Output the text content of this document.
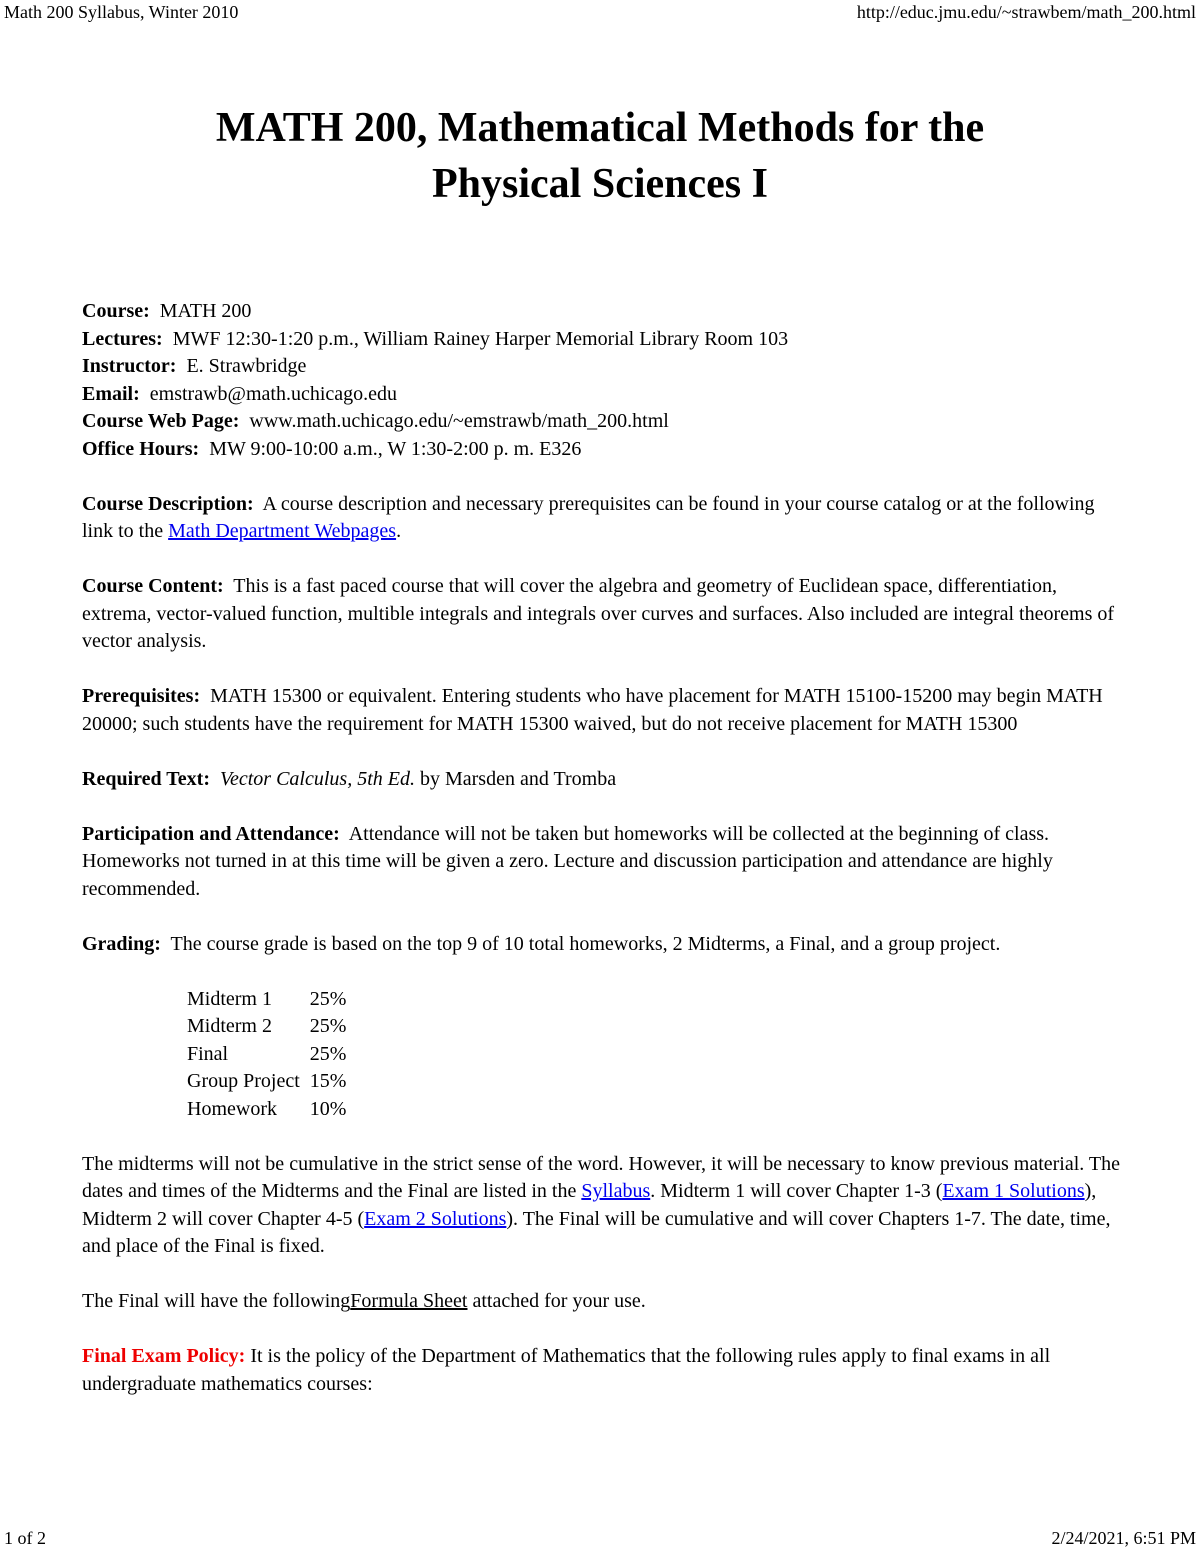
Math 200 Syllabus, Winter 2010	http://educ.jmu.edu/~strawbem/math_200.html
MATH 200, Mathematical Methods for the
Physical Sciences I
Course: MATH 200
Lectures: MWF 12:30-1:20 p.m., William Rainey Harper Memorial Library Room 103
Instructor: E. Strawbridge
Email: emstrawb@math.uchicago.edu
Course Web Page: www.math.uchicago.edu/~emstrawb/math_200.html
Office Hours: MW 9:00-10:00 a.m., W 1:30-2:00 p. m. E326

Course Description: A course description and necessary prerequisites can be found in your course catalog or at the following link to the Math Department Webpages.

Course Content: This is a fast paced course that will cover the algebra and geometry of Euclidean space, differentiation, extrema, vector-valued function, multible integrals and integrals over curves and surfaces. Also included are integral theorems of vector analysis.

Prerequisites: MATH 15300 or equivalent. Entering students who have placement for MATH 15100-15200 may begin MATH 20000; such students have the requirement for MATH 15300 waived, but do not receive placement for MATH 15300

Required Text: Vector Calculus, 5th Ed. by Marsden and Tromba

Participation and Attendance: Attendance will not be taken but homeworks will be collected at the beginning of class. Homeworks not turned in at this time will be given a zero. Lecture and discussion participation and attendance are highly recommended.

Grading: The course grade is based on the top 9 of 10 total homeworks, 2 Midterms, a Final, and a group project.

Midterm 1	25%
Midterm 2	25%
Final	25%
Group Project	15%
Homework	10%

The midterms will not be cumulative in the strict sense of the word. However, it will be necessary to know previous material. The dates and times of the Midterms and the Final are listed in the Syllabus. Midterm 1 will cover Chapter 1-3 (Exam 1 Solutions), Midterm 2 will cover Chapter 4-5 (Exam 2 Solutions). The Final will be cumulative and will cover Chapters 1-7. The date, time, and place of the Final is fixed.

The Final will have the followingFormula Sheet attached for your use.

Final Exam Policy: It is the policy of the Department of Mathematics that the following rules apply to final exams in all undergraduate mathematics courses:

1 of 2	2/24/2021, 6:51 PM
